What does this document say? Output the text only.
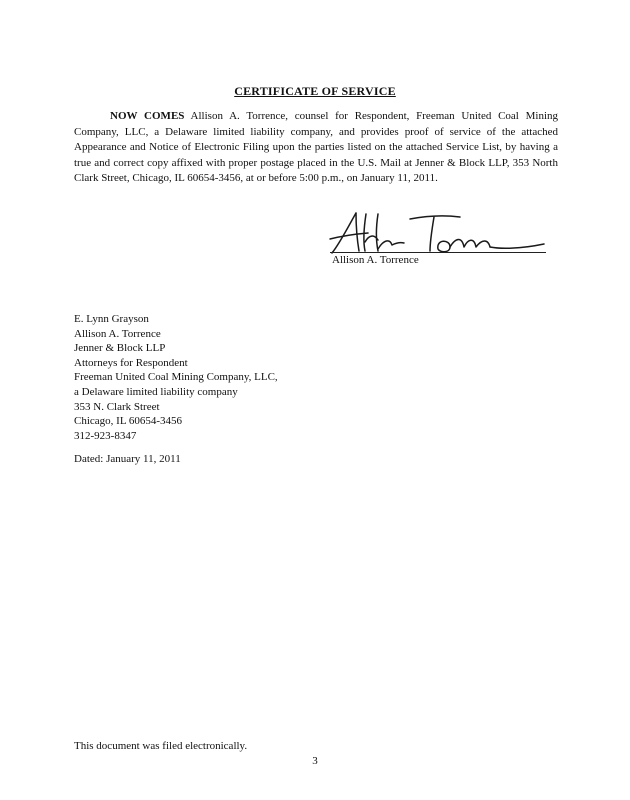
CERTIFICATE OF SERVICE
NOW COMES Allison A. Torrence, counsel for Respondent, Freeman United Coal Mining Company, LLC, a Delaware limited liability company, and provides proof of service of the attached Appearance and Notice of Electronic Filing upon the parties listed on the attached Service List, by having a true and correct copy affixed with proper postage placed in the U.S. Mail at Jenner & Block LLP, 353 North Clark Street, Chicago, IL 60654-3456, at or before 5:00 p.m., on January 11, 2011.
Allison A. Torrence
E. Lynn Grayson
Allison A. Torrence
Jenner & Block LLP
Attorneys for Respondent
Freeman United Coal Mining Company, LLC,
a Delaware limited liability company
353 N. Clark Street
Chicago, IL 60654-3456
312-923-8347
Dated: January 11, 2011
This document was filed electronically.
3
